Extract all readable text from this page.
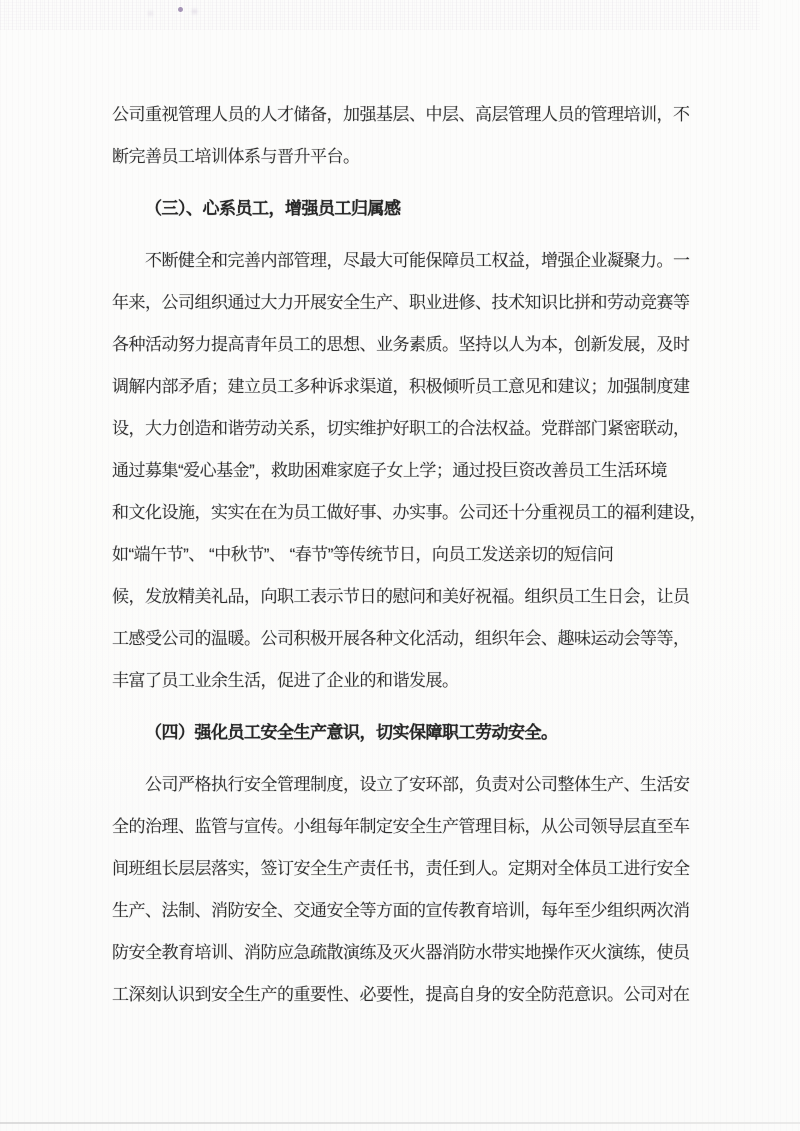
公司重视管理人员的人才储备，加强基层、中层、高层管理人员的管理培训，不
断完善员工培训体系与晋升平台。
（三）、心系员工，增强员工归属感
不断健全和完善内部管理，尽最大可能保障员工权益，增强企业凝聚力。一
年来，公司组织通过大力开展安全生产、职业进修、技术知识比拼和劳动竞赛等
各种活动努力提高青年员工的思想、业务素质。坚持以人为本，创新发展，及时
调解内部矛盾；建立员工多种诉求渠道，积极倾听员工意见和建议；加强制度建
设，大力创造和谐劳动关系，切实维护好职工的合法权益。党群部门紧密联动，
通过募集“爱心基金”，救助困难家庭子女上学；通过投巨资改善员工生活环境
和文化设施，实实在在为员工做好事、办实事。公司还十分重视员工的福利建设，
如“端午节”、 “中秋节”、 “春节”等传统节日，向员工发送亲切的短信问
候，发放精美礼品，向职工表示节日的慰问和美好祝福。组织员工生日会，让员
工感受公司的温暖。公司积极开展各种文化活动，组织年会、趣味运动会等等，
丰富了员工业余生活，促进了企业的和谐发展。
（四）强化员工安全生产意识，切实保障职工劳动安全。
公司严格执行安全管理制度，设立了安环部，负责对公司整体生产、生活安
全的治理、监管与宣传。小组每年制定安全生产管理目标，从公司领导层直至车
间班组长层层落实，签订安全生产责任书，责任到人。定期对全体员工进行安全
生产、法制、消防安全、交通安全等方面的宣传教育培训，每年至少组织两次消
防安全教育培训、消防应急疏散演练及灭火器消防水带实地操作灭火演练，使员
工深刻认识到安全生产的重要性、必要性，提高自身的安全防范意识。公司对在
